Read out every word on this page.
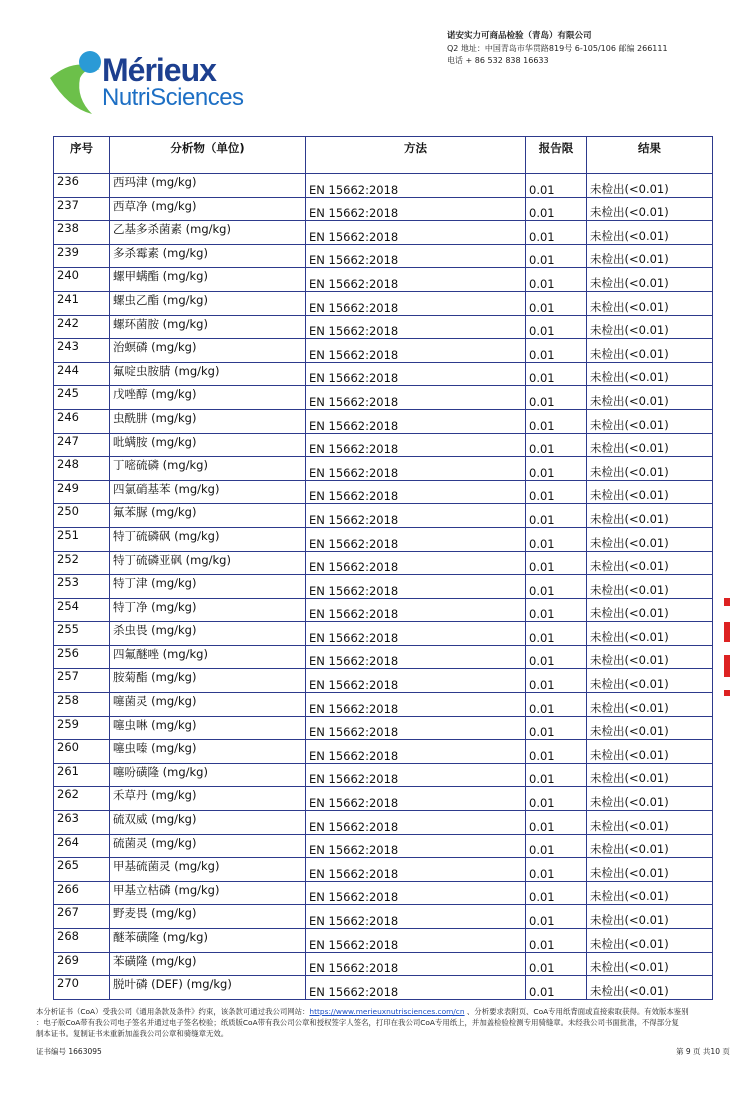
Mérieux
NutriSciences
诺安实力可商品检验（青岛）有限公司
Q2 地址：中国青岛市华贯路819号 6-105/106 邮编 266111
电话 + 86 532 838 16633
序号	分析物（单位)	方法	报告限	结果
236	西玛津 (mg/kg)	EN 15662:2018	0.01	未检出(<0.01)
237	西草净 (mg/kg)	EN 15662:2018	0.01	未检出(<0.01)
238	乙基多杀菌素 (mg/kg)	EN 15662:2018	0.01	未检出(<0.01)
239	多杀霉素 (mg/kg)	EN 15662:2018	0.01	未检出(<0.01)
240	螺甲螨酯 (mg/kg)	EN 15662:2018	0.01	未检出(<0.01)
241	螺虫乙酯 (mg/kg)	EN 15662:2018	0.01	未检出(<0.01)
242	螺环菌胺 (mg/kg)	EN 15662:2018	0.01	未检出(<0.01)
243	治螟磷 (mg/kg)	EN 15662:2018	0.01	未检出(<0.01)
244	氟啶虫胺腈 (mg/kg)	EN 15662:2018	0.01	未检出(<0.01)
245	戊唑醇 (mg/kg)	EN 15662:2018	0.01	未检出(<0.01)
246	虫酰肼 (mg/kg)	EN 15662:2018	0.01	未检出(<0.01)
247	吡螨胺 (mg/kg)	EN 15662:2018	0.01	未检出(<0.01)
248	丁嘧硫磷 (mg/kg)	EN 15662:2018	0.01	未检出(<0.01)
249	四氯硝基苯 (mg/kg)	EN 15662:2018	0.01	未检出(<0.01)
250	氟苯脲 (mg/kg)	EN 15662:2018	0.01	未检出(<0.01)
251	特丁硫磷砜 (mg/kg)	EN 15662:2018	0.01	未检出(<0.01)
252	特丁硫磷亚砜 (mg/kg)	EN 15662:2018	0.01	未检出(<0.01)
253	特丁津 (mg/kg)	EN 15662:2018	0.01	未检出(<0.01)
254	特丁净 (mg/kg)	EN 15662:2018	0.01	未检出(<0.01)
255	杀虫畏 (mg/kg)	EN 15662:2018	0.01	未检出(<0.01)
256	四氟醚唑 (mg/kg)	EN 15662:2018	0.01	未检出(<0.01)
257	胺菊酯 (mg/kg)	EN 15662:2018	0.01	未检出(<0.01)
258	噻菌灵 (mg/kg)	EN 15662:2018	0.01	未检出(<0.01)
259	噻虫啉 (mg/kg)	EN 15662:2018	0.01	未检出(<0.01)
260	噻虫嗪 (mg/kg)	EN 15662:2018	0.01	未检出(<0.01)
261	噻吩磺隆 (mg/kg)	EN 15662:2018	0.01	未检出(<0.01)
262	禾草丹 (mg/kg)	EN 15662:2018	0.01	未检出(<0.01)
263	硫双威 (mg/kg)	EN 15662:2018	0.01	未检出(<0.01)
264	硫菌灵 (mg/kg)	EN 15662:2018	0.01	未检出(<0.01)
265	甲基硫菌灵 (mg/kg)	EN 15662:2018	0.01	未检出(<0.01)
266	甲基立枯磷 (mg/kg)	EN 15662:2018	0.01	未检出(<0.01)
267	野麦畏 (mg/kg)	EN 15662:2018	0.01	未检出(<0.01)
268	醚苯磺隆 (mg/kg)	EN 15662:2018	0.01	未检出(<0.01)
269	苯磺隆 (mg/kg)	EN 15662:2018	0.01	未检出(<0.01)
270	脱叶磷 (DEF) (mg/kg)	EN 15662:2018	0.01	未检出(<0.01)
本分析证书（CoA）受我公司《通用条款及条件》约束，该条款可通过我公司网站：https://www.merieuxnutrisciences.com/cn 、分析要求表附页、CoA专用纸背面或直接索取获得。有效版本鉴别
：电子版CoA带有我公司电子签名并通过电子签名校验；纸质版CoA带有我公司公章和授权签字人签名，打印在我公司CoA专用纸上，并加盖检验检测专用骑缝章。未经我公司书面批准，不得部分复
制本证书。复制证书未重新加盖我公司公章和骑缝章无效。
证书编号 1663095	第 9 页 共10 页
